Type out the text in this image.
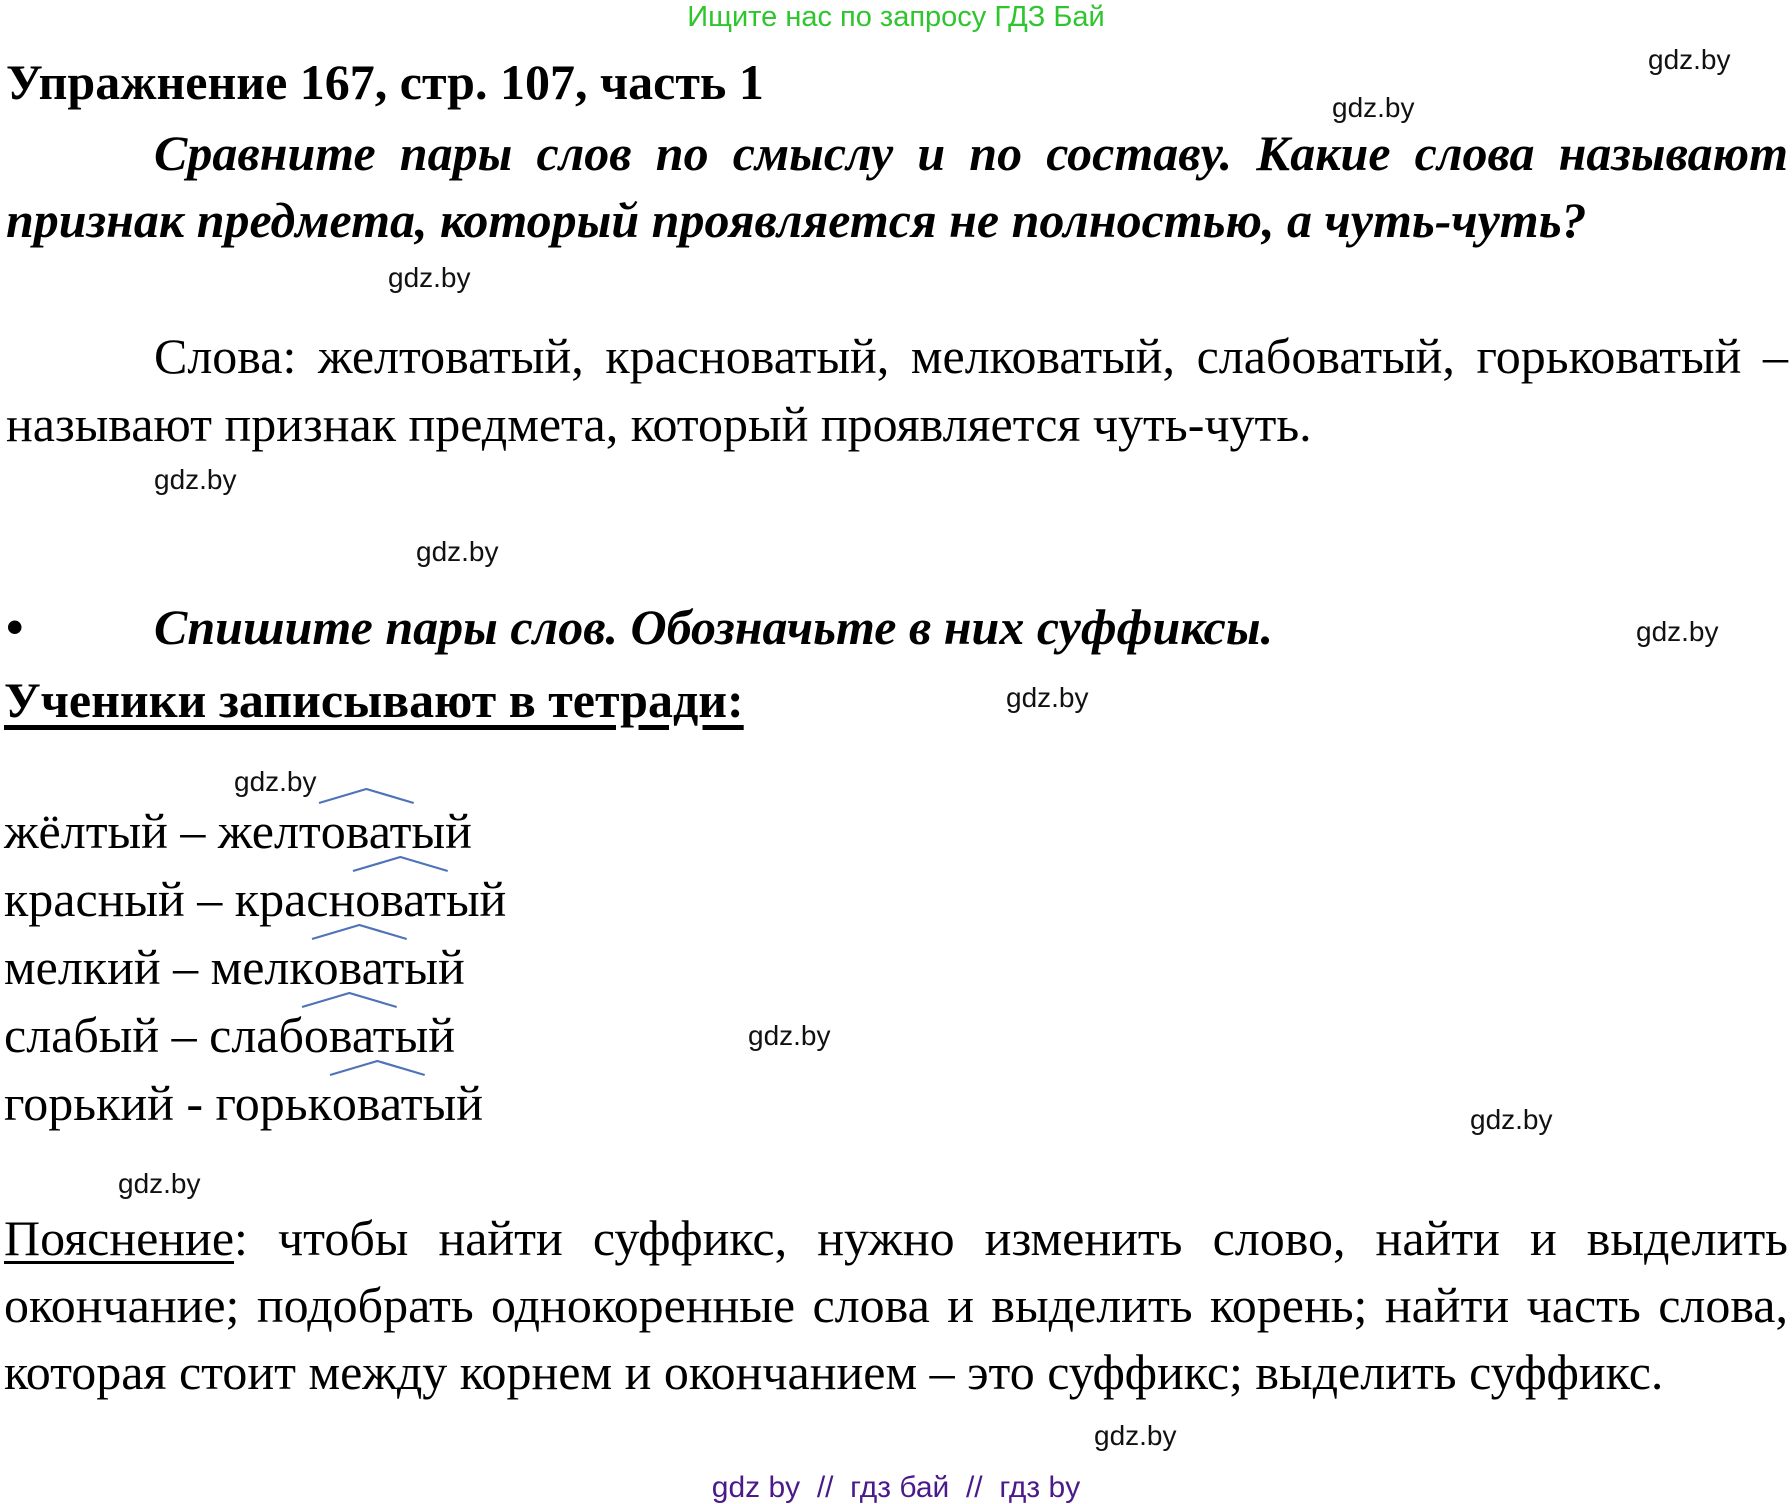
Ищите нас по запросу ГДЗ Бай
Упражнение 167, стр. 107, часть 1
Сравните пары слов по смыслу и по составу. Какие слова называют признак предмета, который проявляется не полностью, а чуть-чуть?
Слова: желтоватый, красноватый, мелковатый, слабоватый, горьковатый – называют признак предмета, который проявляется чуть-чуть.
•	Спишите пары слов. Обозначьте в них суффиксы.
Ученики записывают в тетради:
жёлтый – желт
оватый
красный – красн
оватый
мелкий – мелк
оватый
слабый – слаб
оватый
горький - горьк
оватый
Пояснение: чтобы найти суффикс, нужно изменить слово, найти и выделить окончание; подобрать однокоренные слова и выделить корень; найти часть слова, которая стоит между корнем и окончанием – это суффикс; выделить суффикс.
gdz.by
gdz.by
gdz.by
gdz.by
gdz.by
gdz.by
gdz.by
gdz.by
gdz.by
gdz.by
gdz.by
gdz.by
gdz by  //  гдз бай  //  гдз by
